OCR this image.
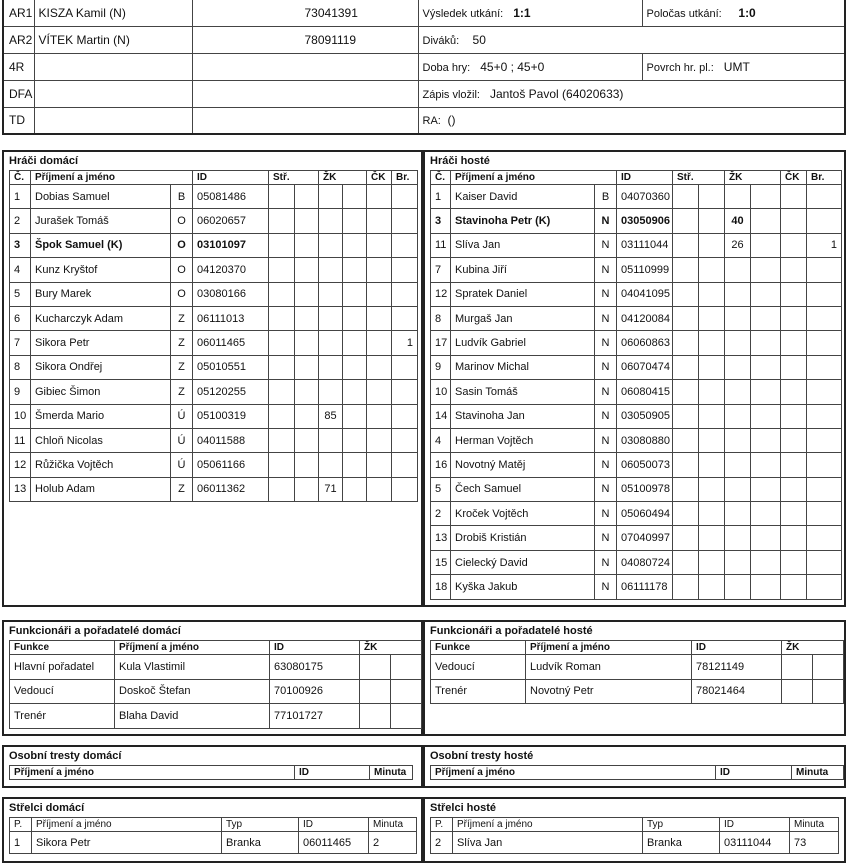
AR1	KISZA Kamil (N)	73041391	Výsledek utkání: 1:1	Poločas utkání: 1:0
AR2	VÍTEK Martin (N)	78091119	Diváků: 50	
4R			Doba hry: 45+0 ; 45+0	Povrch hr. pl.: UMT
DFA			Zápis vložil: Jantoš Pavol (64020633)	
TD			RA: ()	
Hráči domácí
Č.	Příjmení a jméno		ID	Stř.		ŽK		ČK	Br.
1	Dobias Samuel	B	05081486						
2	Jurašek Tomáš	O	06020657						
3	Špok Samuel (K)	O	03101097						
4	Kunz Kryštof	O	04120370						
5	Bury Marek	O	03080166						
6	Kucharczyk Adam	Z	06111013						
7	Sikora Petr	Z	06011465						1
8	Sikora Ondřej	Z	05010551						
9	Gibiec Šimon	Z	05120255						
10	Šmerda Mario	Ú	05100319			85			
11	Chloň Nicolas	Ú	04011588						
12	Růžička Vojtěch	Ú	05061166						
13	Holub Adam	Z	06011362			71			
Hráči hosté
Č.	Příjmení a jméno		ID	Stř.		ŽK		ČK	Br.
1	Kaiser David	B	04070360						
3	Stavinoha Petr (K)	N	03050906			40			
11	Slíva Jan	N	03111044			26			1
7	Kubina Jiří	N	05110999						
12	Spratek Daniel	N	04041095						
8	Murgaš Jan	N	04120084						
17	Ludvík Gabriel	N	06060863						
9	Marinov Michal	N	06070474						
10	Sasin Tomáš	N	06080415						
14	Stavinoha Jan	N	03050905						
4	Herman Vojtěch	N	03080880						
16	Novotný Matěj	N	06050073						
5	Čech Samuel	N	05100978						
2	Kroček Vojtěch	N	05060494						
13	Drobiš Kristián	N	07040997						
15	Cielecký David	N	04080724						
18	Kyška Jakub	N	06111178						
Funkcionáři a pořadatelé domácí
Funkce	Příjmení a jméno	ID	ŽK	
Hlavní pořadatel	Kula Vlastimil	63080175		
Vedoucí	Doskoč Štefan	70100926		
Trenér	Blaha David	77101727		
Funkcionáři a pořadatelé hosté
Funkce	Příjmení a jméno	ID	ŽK	
Vedoucí	Ludvík Roman	78121149		
Trenér	Novotný Petr	78021464		
Osobní tresty domácí
Příjmení a jméno	ID	Minuta
Osobní tresty hosté
Příjmení a jméno	ID	Minuta
Střelci domácí
P.	Příjmení a jméno	Typ	ID	Minuta
1	Sikora Petr	Branka	06011465	2
Střelci hosté
P.	Příjmení a jméno	Typ	ID	Minuta
2	Slíva Jan	Branka	03111044	73
